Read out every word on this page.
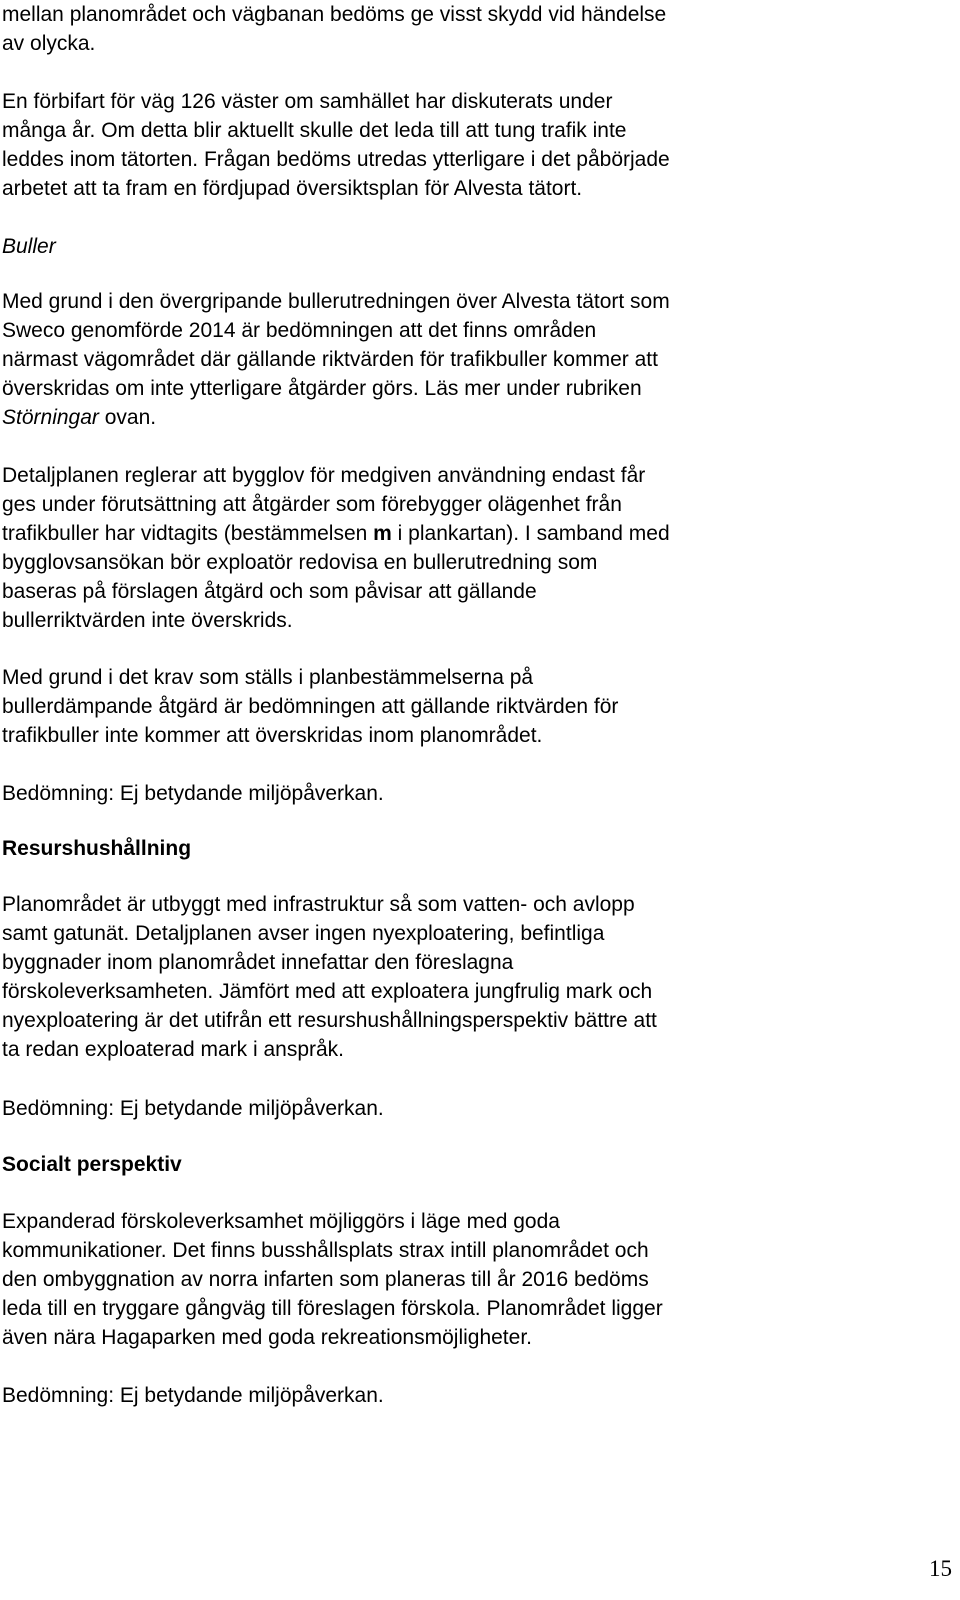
mellan planområdet och vägbanan bedöms ge visst skydd vid händelse
av olycka.

En förbifart för väg 126 väster om samhället har diskuterats under
många år. Om detta blir aktuellt skulle det leda till att tung trafik inte
leddes inom tätorten. Frågan bedöms utredas ytterligare i det påbörjade
arbetet att ta fram en fördjupad översiktsplan för Alvesta tätort.

Buller

Med grund i den övergripande bullerutredningen över Alvesta tätort som
Sweco genomförde 2014 är bedömningen att det finns områden
närmast vägområdet där gällande riktvärden för trafikbuller kommer att
överskridas om inte ytterligare åtgärder görs. Läs mer under rubriken
Störningar ovan.

Detaljplanen reglerar att bygglov för medgiven användning endast får
ges under förutsättning att åtgärder som förebygger olägenhet från
trafikbuller har vidtagits (bestämmelsen m i plankartan). I samband med
bygglovsansökan bör exploatör redovisa en bullerutredning som
baseras på förslagen åtgärd och som påvisar att gällande
bullerriktvärden inte överskrids.

Med grund i det krav som ställs i planbestämmelserna på
bullerdämpande åtgärd är bedömningen att gällande riktvärden för
trafikbuller inte kommer att överskridas inom planområdet.

Bedömning: Ej betydande miljöpåverkan.

Resurshushållning

Planområdet är utbyggt med infrastruktur så som vatten- och avlopp
samt gatunät. Detaljplanen avser ingen nyexploatering, befintliga
byggnader inom planområdet innefattar den föreslagna
förskoleverksamheten. Jämfört med att exploatera jungfrulig mark och
nyexploatering är det utifrån ett resurshushållningsperspektiv bättre att
ta redan exploaterad mark i anspråk.

Bedömning: Ej betydande miljöpåverkan.

Socialt perspektiv

Expanderad förskoleverksamhet möjliggörs i läge med goda
kommunikationer. Det finns busshållsplats strax intill planområdet och
den ombyggnation av norra infarten som planeras till år 2016 bedöms
leda till en tryggare gångväg till föreslagen förskola. Planområdet ligger
även nära Hagaparken med goda rekreationsmöjligheter.

Bedömning: Ej betydande miljöpåverkan.

15
